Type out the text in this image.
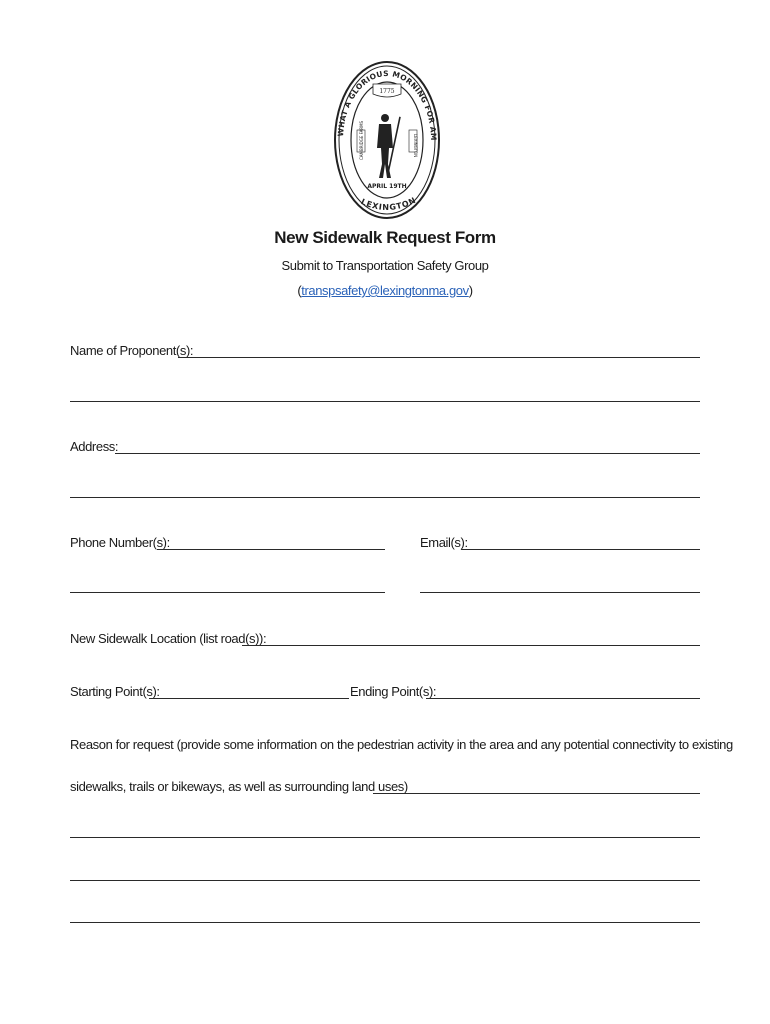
WHAT A GLORIOUS MORNING FOR AM
LEXINGTON
1775
APRIL 19TH
CAMBRIDGE FARMS	LEXINGTON
New Sidewalk Request Form
Submit to Transportation Safety Group
(transpsafety@lexingtonma.gov)
Name of Proponent(s):
Address:
Phone Number(s):	Email(s):
New Sidewalk Location (list road(s)):
Starting Point(s):	Ending Point(s):
Reason for request (provide some information on the pedestrian activity in the area and any potential connectivity to existing
sidewalks, trails or bikeways, as well as surrounding land uses)
